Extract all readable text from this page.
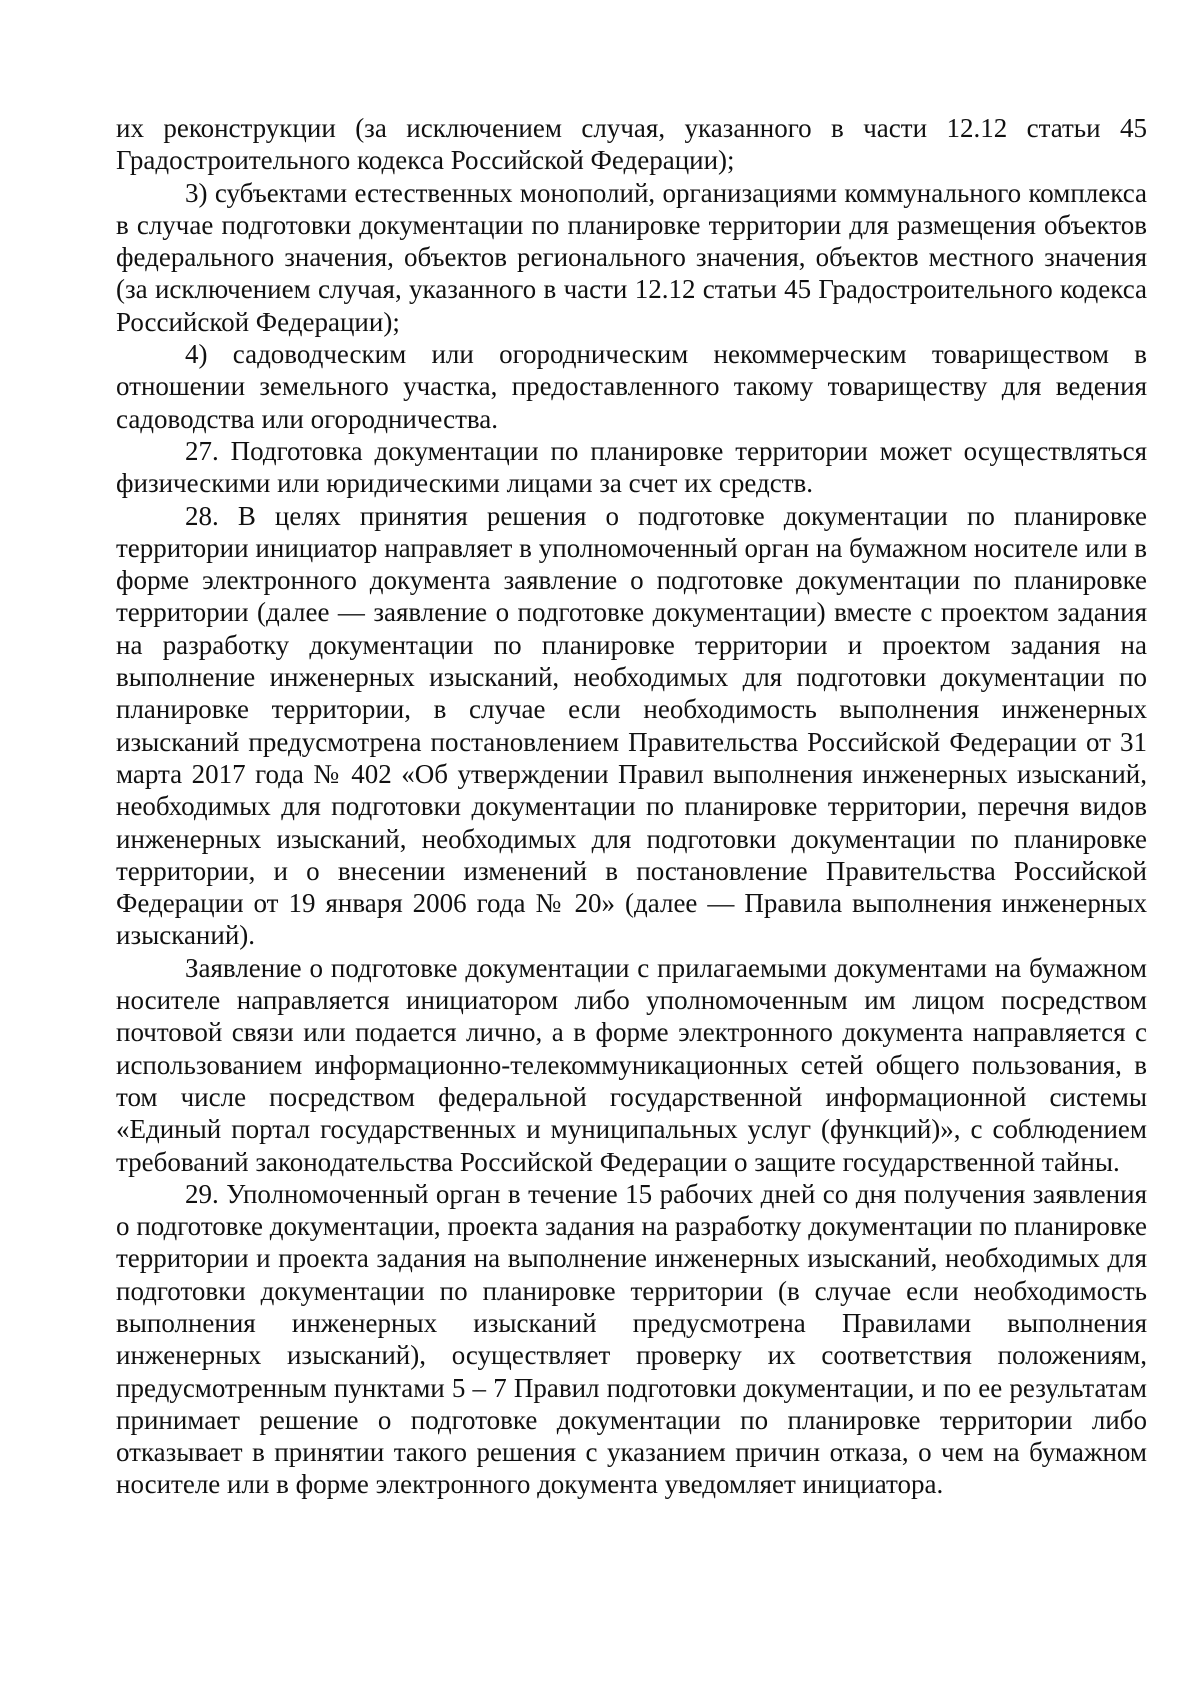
их реконструкции (за исключением случая, указанного в части 12.12 статьи 45 Градостроительного кодекса Российской Федерации);

3) субъектами естественных монополий, организациями коммунального комплекса в случае подготовки документации по планировке территории для размещения объектов федерального значения, объектов регионального значения, объектов местного значения (за исключением случая, указанного в части 12.12 статьи 45 Градостроительного кодекса Российской Федерации);

4) садоводческим или огородническим некоммерческим товариществом в отношении земельного участка, предоставленного такому товариществу для ведения садоводства или огородничества.

27. Подготовка документации по планировке территории может осуществляться физическими или юридическими лицами за счет их средств.

28. В целях принятия решения о подготовке документации по планировке территории инициатор направляет в уполномоченный орган на бумажном носителе или в форме электронного документа заявление о подготовке документации по планировке территории (далее — заявление о подготовке документации) вместе с проектом задания на разработку документации по планировке территории и проектом задания на выполнение инженерных изысканий, необходимых для подготовки документации по планировке территории, в случае если необходимость выполнения инженерных изысканий предусмотрена постановлением Правительства Российской Федерации от 31 марта 2017 года № 402 «Об утверждении Правил выполнения инженерных изысканий, необходимых для подготовки документации по планировке территории, перечня видов инженерных изысканий, необходимых для подготовки документации по планировке территории, и о внесении изменений в постановление Правительства Российской Федерации от 19 января 2006 года № 20» (далее — Правила выполнения инженерных изысканий).

Заявление о подготовке документации с прилагаемыми документами на бумажном носителе направляется инициатором либо уполномоченным им лицом посредством почтовой связи или подается лично, а в форме электронного документа направляется с использованием информационно-телекоммуникационных сетей общего пользования, в том числе посредством федеральной государственной информационной системы «Единый портал государственных и муниципальных услуг (функций)», с соблюдением требований законодательства Российской Федерации о защите государственной тайны.

29. Уполномоченный орган в течение 15 рабочих дней со дня получения заявления о подготовке документации, проекта задания на разработку документации по планировке территории и проекта задания на выполнение инженерных изысканий, необходимых для подготовки документации по планировке территории (в случае если необходимость выполнения инженерных изысканий предусмотрена Правилами выполнения инженерных изысканий), осуществляет проверку их соответствия положениям, предусмотренным пунктами 5 – 7 Правил подготовки документации, и по ее результатам принимает решение о подготовке документации по планировке территории либо отказывает в принятии такого решения с указанием причин отказа, о чем на бумажном носителе или в форме электронного документа уведомляет инициатора.
